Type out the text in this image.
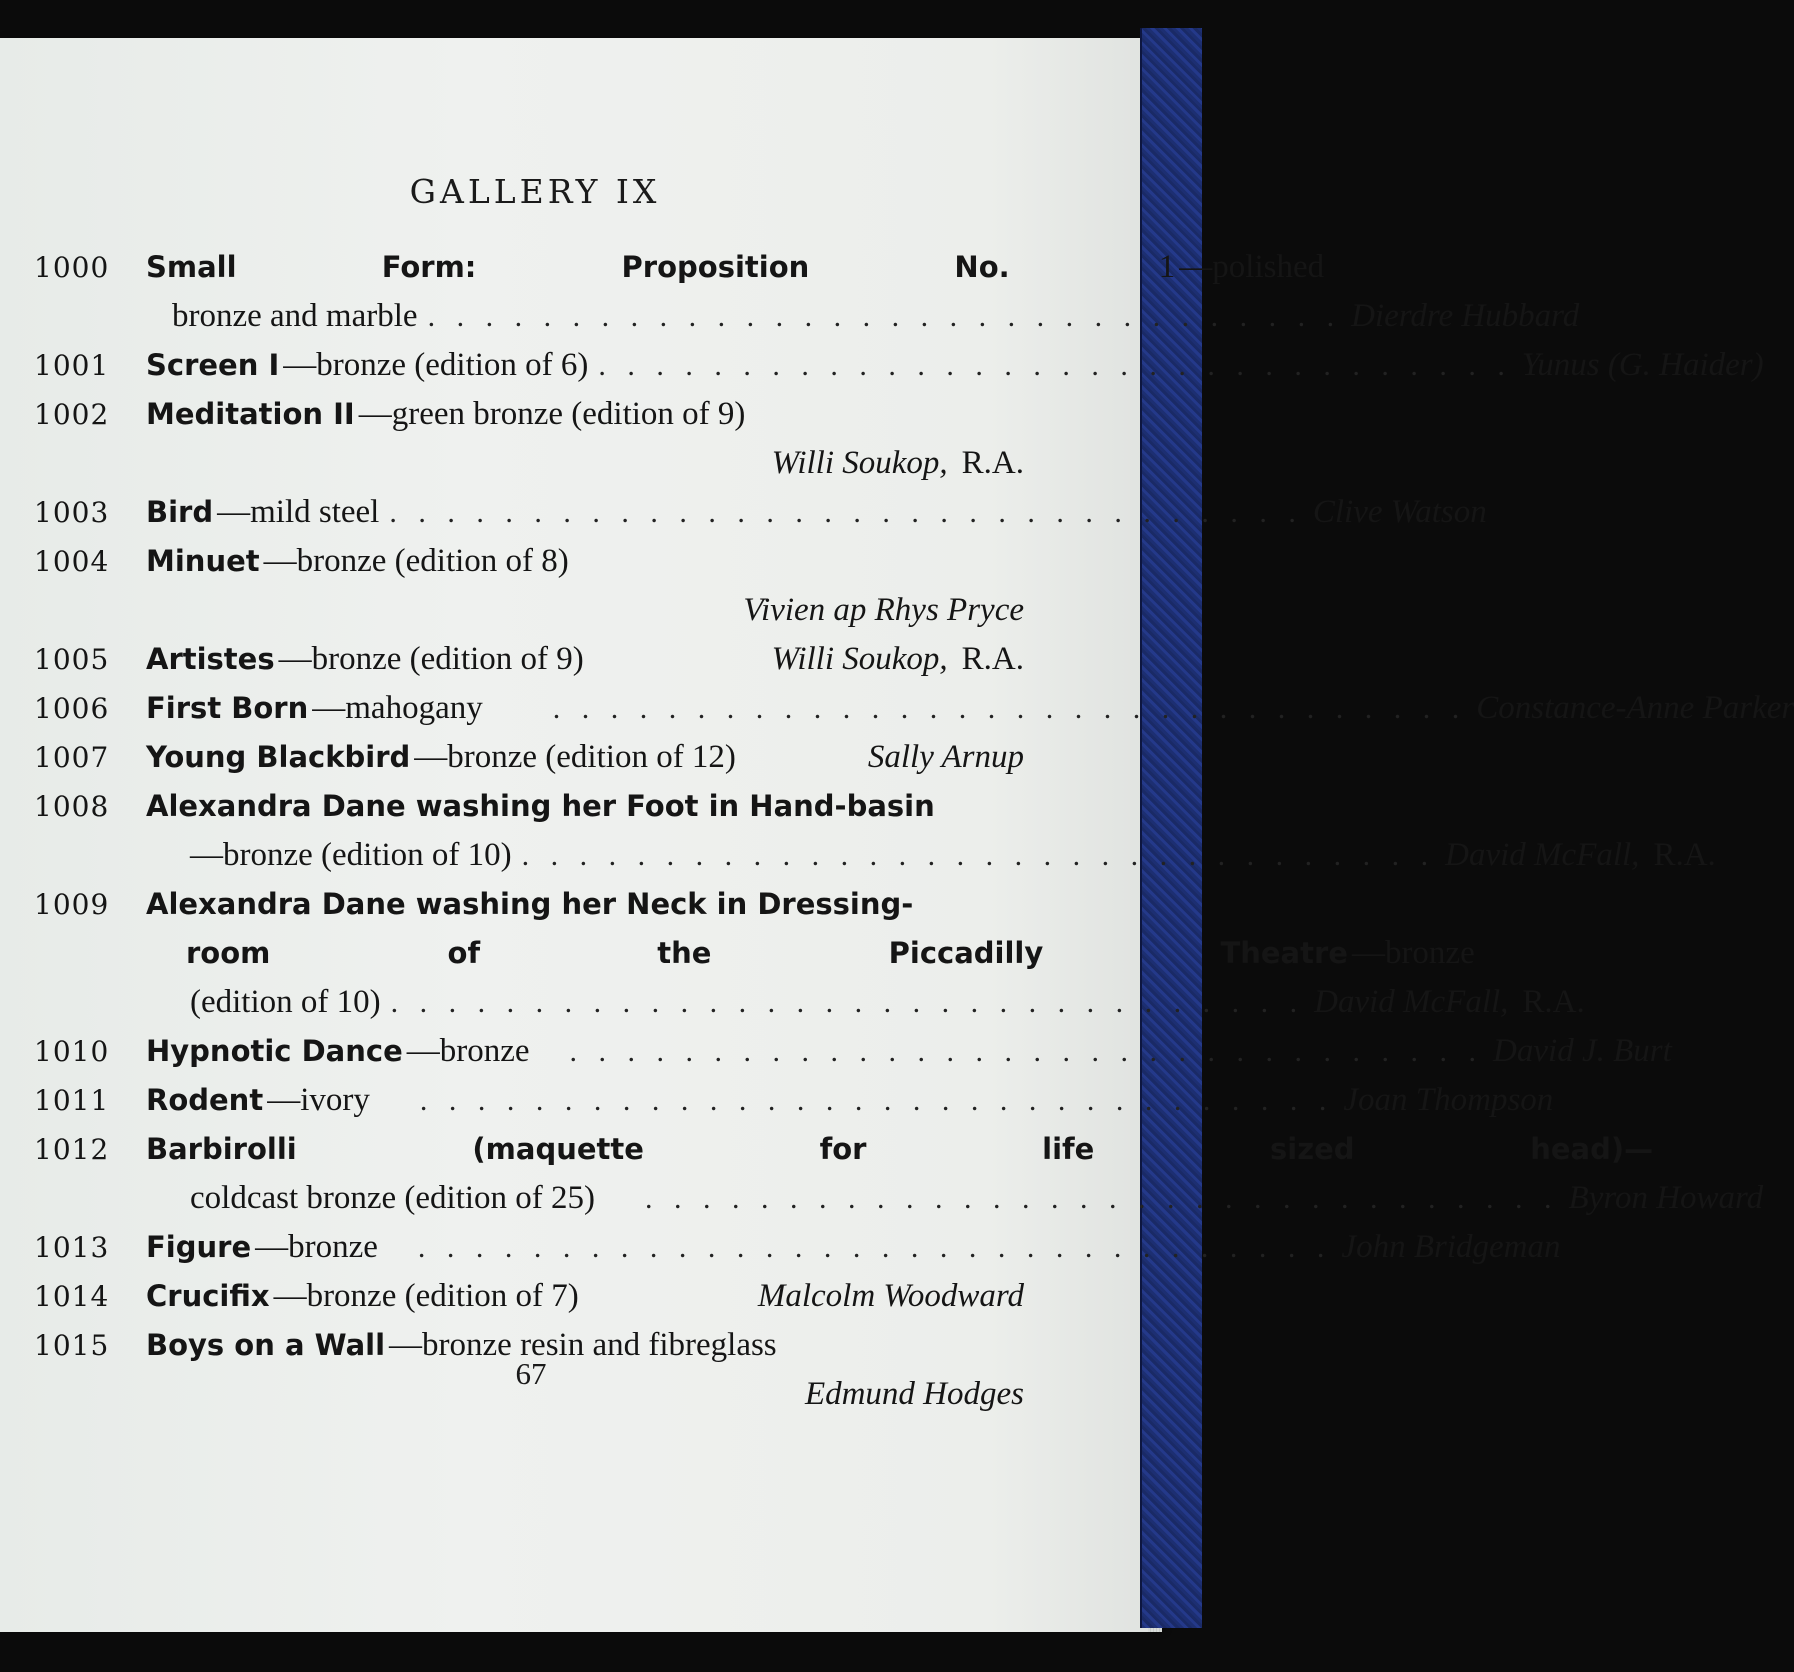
GALLERY IX
1000	Small	Form:	Proposition	No.	1 —polished
bronze and marble . . . . . . . . . . . . . . . . . . . . . . . . . . . . . . . . Dierdre Hubbard
1001	Screen I —bronze (edition of 6) . . . . . . . . . . . . . . . . . . . . . . . . . . . . . . . . Yunus (G. Haider)
1002	Meditation II —green bronze (edition of 9)
Willi Soukop, R.A.
1003	Bird —mild steel . . . . . . . . . . . . . . . . . . . . . . . . . . . . . . . . Clive Watson
1004	Minuet —bronze (edition of 8)
Vivien ap Rhys Pryce
1005	Artistes —bronze (edition of 9)	Willi Soukop, R.A.
1006	First Born —mahogany	. . . . . . . . . . . . . . . . . . . . . . . . . . . . . . . . Constance-Anne Parker
1007	Young Blackbird —bronze (edition of 12)	Sally Arnup
1008	Alexandra Dane washing her Foot in Hand-basin
—bronze (edition of 10) . . . . . . . . . . . . . . . . . . . . . . . . . . . . . . . . David McFall, R.A.
1009	Alexandra Dane washing her Neck in Dressing-
room	of	the	Piccadilly	Theatre —bronze
(edition of 10) . . . . . . . . . . . . . . . . . . . . . . . . . . . . . . . . David McFall, R.A.
1010	Hypnotic Dance —bronze	. . . . . . . . . . . . . . . . . . . . . . . . . . . . . . . . David J. Burt
1011	Rodent —ivory	. . . . . . . . . . . . . . . . . . . . . . . . . . . . . . . . Joan Thompson
1012	Barbirolli	(maquette	for	life	sized	head)—
coldcast bronze (edition of 25)	. . . . . . . . . . . . . . . . . . . . . . . . . . . . . . . . Byron Howard
1013	Figure —bronze	. . . . . . . . . . . . . . . . . . . . . . . . . . . . . . . . John Bridgeman
1014	Crucifix —bronze (edition of 7)	Malcolm Woodward
1015	Boys on a Wall —bronze resin and fibreglass
Edmund Hodges
67
